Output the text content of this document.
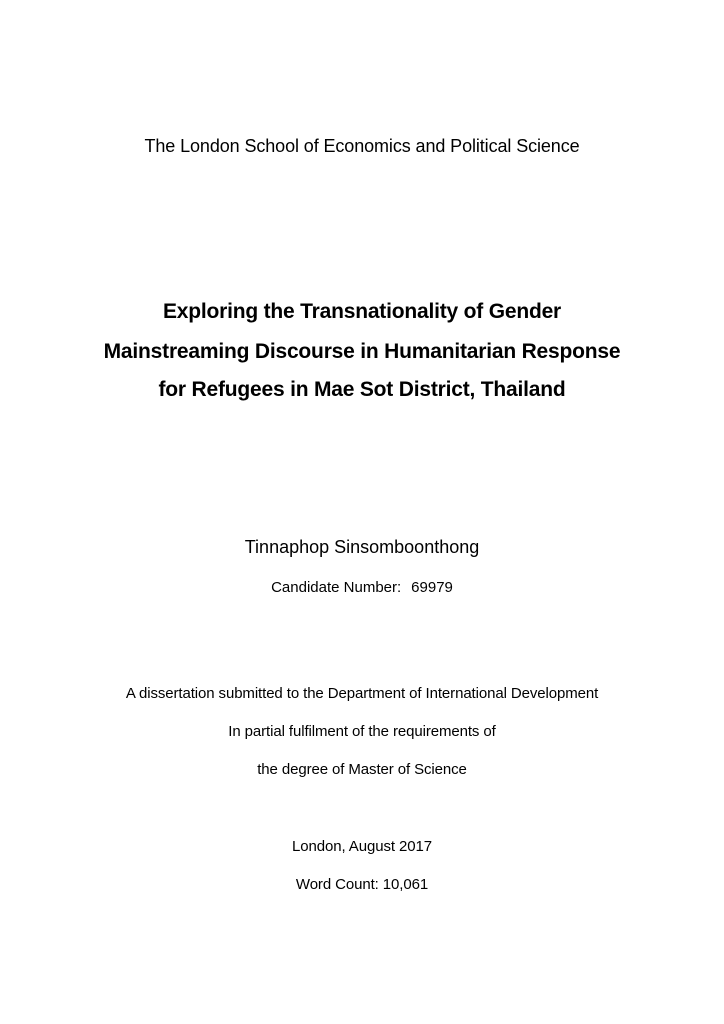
The London School of Economics and Political Science
Exploring the Transnationality of Gender
Mainstreaming Discourse in Humanitarian Response
for Refugees in Mae Sot District, Thailand
Tinnaphop Sinsomboonthong
Candidate Number: 69979
A dissertation submitted to the Department of International Development
In partial fulfilment of the requirements of
the degree of Master of Science
London, August 2017
Word Count: 10,061
